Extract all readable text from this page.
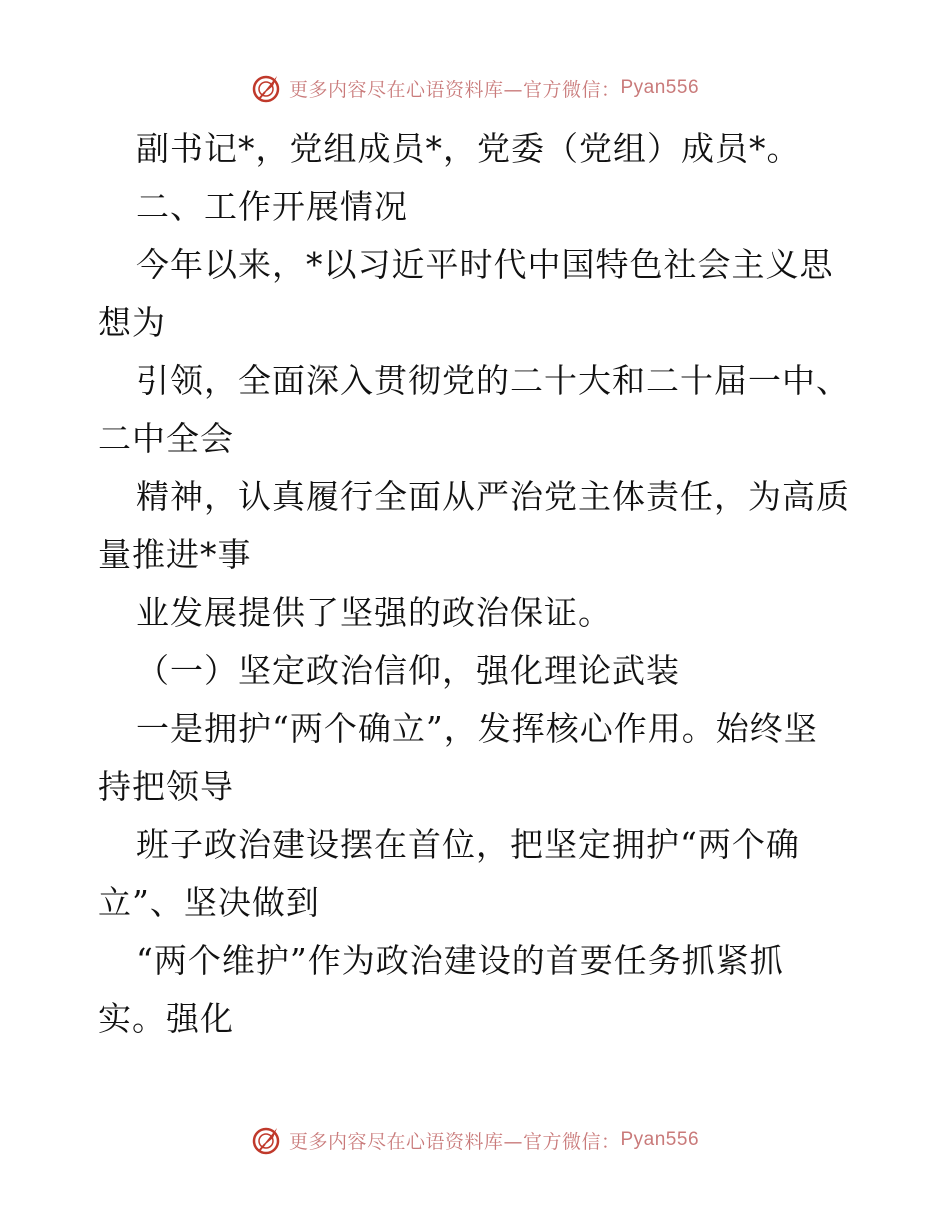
更多内容尽在心语资料库—官方微信： Pyan556
副书记*，党组成员*，党委（党组）成员*。
二、工作开展情况
今年以来，*以习近平时代中国特色社会主义思
想为
引领，全面深入贯彻党的二十大和二十届一中、
二中全会
精神，认真履行全面从严治党主体责任，为高质
量推进*事
业发展提供了坚强的政治保证。
（一）坚定政治信仰，强化理论武装
一是拥护“两个确立”，发挥核心作用。始终坚
持把领导
班子政治建设摆在首位，把坚定拥护“两个确
立”、坚决做到
“两个维护”作为政治建设的首要任务抓紧抓
实。强化
更多内容尽在心语资料库—官方微信： Pyan556
